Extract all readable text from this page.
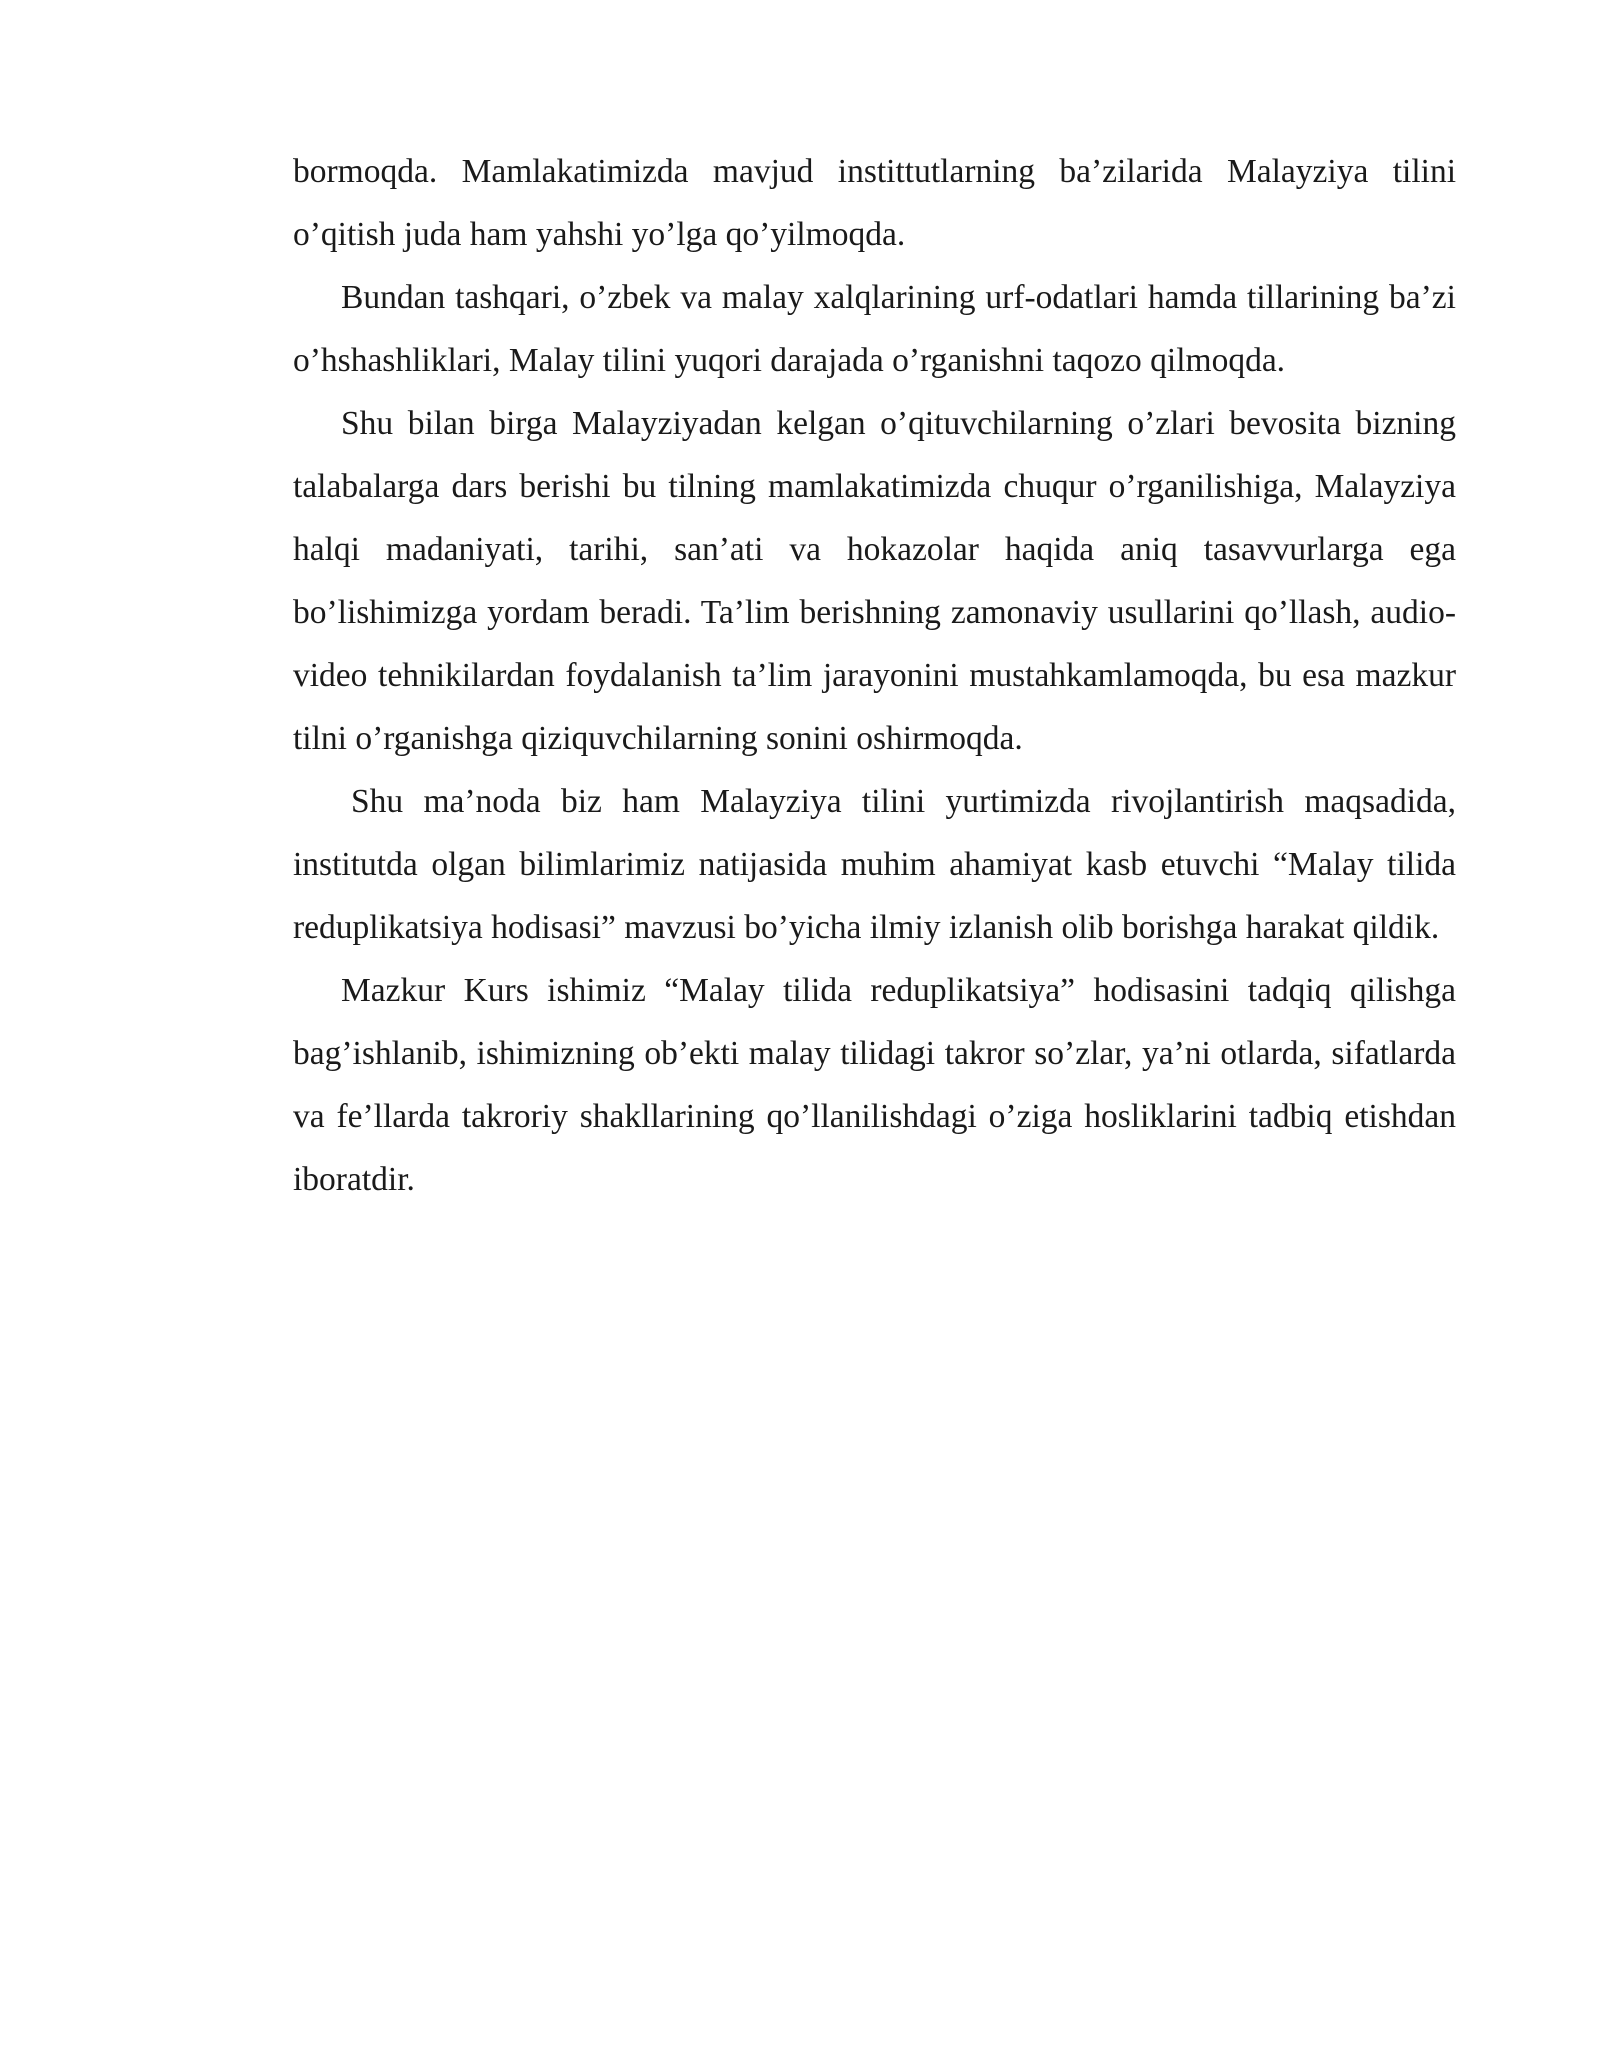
bormoqda. Mamlakatimizda mavjud instittutlarning ba’zilarida Malayziya tilini o’qitish juda ham yahshi yo’lga qo’yilmoqda.

Bundan tashqari, o’zbek va malay xalqlarining urf-odatlari hamda tillarining ba’zi o’hshashliklari, Malay tilini yuqori darajada o’rganishni taqozo qilmoqda.

Shu bilan birga Malayziyadan kelgan o’qituvchilarning o’zlari bevosita bizning talabalarga dars berishi bu tilning mamlakatimizda chuqur o’rganilishiga, Malayziya halqi madaniyati, tarihi, san’ati va hokazolar haqida aniq tasavvurlarga ega bo’lishimizga yordam beradi. Ta’lim berishning zamonaviy usullarini qo’llash, audio-video tehnikilardan foydalanish ta’lim jarayonini mustahkamlamoqda, bu esa mazkur tilni o’rganishga qiziquvchilarning sonini oshirmoqda.

Shu ma’noda biz ham Malayziya tilini yurtimizda rivojlantirish maqsadida, institutda olgan bilimlarimiz natijasida muhim ahamiyat kasb etuvchi “Malay tilida reduplikatsiya hodisasi” mavzusi bo’yicha ilmiy izlanish olib borishga harakat qildik.

Mazkur Kurs ishimiz “Malay tilida reduplikatsiya” hodisasini tadqiq qilishga bag’ishlanib, ishimizning ob’ekti malay tilidagi takror so’zlar, ya’ni otlarda, sifatlarda va fe’llarda takroriy shakllarining qo’llanilishdagi o’ziga hosliklarini tadbiq etishdan iboratdir.
